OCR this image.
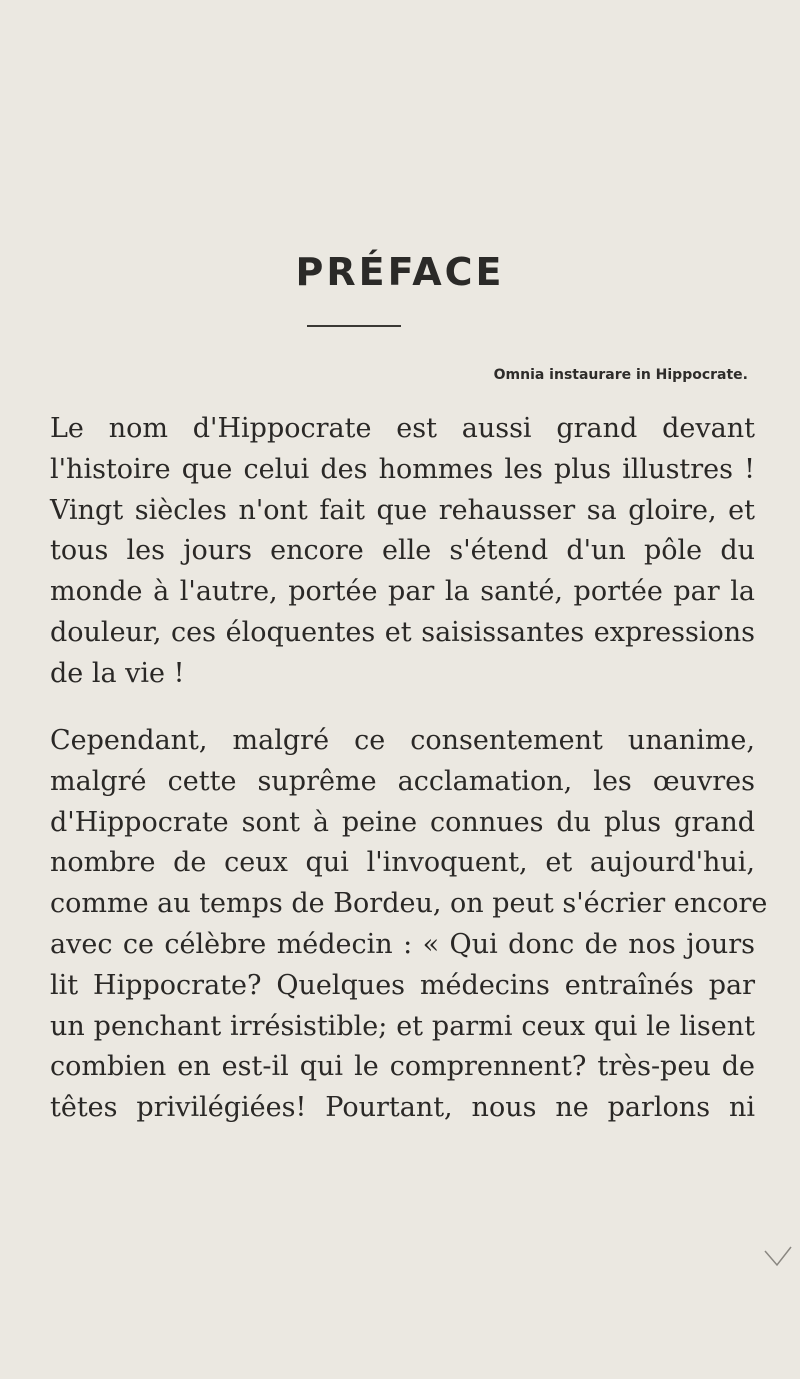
PRÉFACE
Omnia instaurare in Hippocrate.

Le nom d'Hippocrate est aussi grand devant
l'histoire que celui des hommes les plus illustres !
Vingt siècles n'ont fait que rehausser sa gloire, et
tous les jours encore elle s'étend d'un pôle du
monde à l'autre, portée par la santé, portée par la
douleur, ces éloquentes et saisissantes expressions
de la vie !

Cependant, malgré ce consentement unanime,
malgré cette suprême acclamation, les œuvres
d'Hippocrate sont à peine connues du plus grand
nombre de ceux qui l'invoquent, et aujourd'hui,
comme au temps de Bordeu, on peut s'écrier encore
avec ce célèbre médecin : « Qui donc de nos jours
lit Hippocrate? Quelques médecins entraînés par
un penchant irrésistible; et parmi ceux qui le lisent
combien en est-il qui le comprennent? très-peu de
têtes privilégiées! Pourtant, nous ne parlons ni
